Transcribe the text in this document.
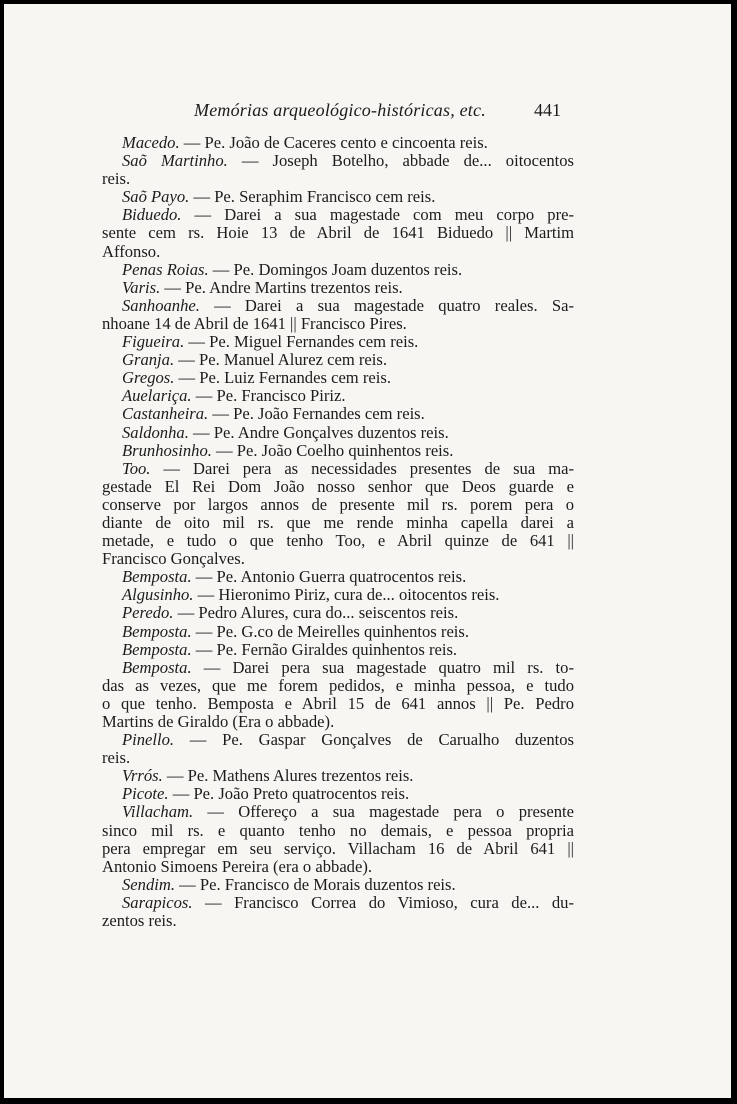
Memórias arqueológico-históricas, etc.	441
Macedo. — Pe. João de Caceres cento e cincoenta reis.
Saõ Martinho. — Joseph Botelho, abbade de... oitocentos
reis.
Saõ Payo. — Pe. Seraphim Francisco cem reis.
Biduedo. — Darei a sua magestade com meu corpo pre-
sente cem rs. Hoie 13 de Abril de 1641 Biduedo || Martim
Affonso.
Penas Roias. — Pe. Domingos Joam duzentos reis.
Varis. — Pe. Andre Martins trezentos reis.
Sanhoanhe. — Darei a sua magestade quatro reales. Sa-
nhoane 14 de Abril de 1641 || Francisco Pires.
Figueira. — Pe. Miguel Fernandes cem reis.
Granja. — Pe. Manuel Alurez cem reis.
Gregos. — Pe. Luiz Fernandes cem reis.
Auelariça. — Pe. Francisco Piriz.
Castanheira. — Pe. João Fernandes cem reis.
Saldonha. — Pe. Andre Gonçalves duzentos reis.
Brunhosinho. — Pe. João Coelho quinhentos reis.
Too. — Darei pera as necessidades presentes de sua ma-
gestade El Rei Dom João nosso senhor que Deos guarde e
conserve por largos annos de presente mil rs. porem pera o
diante de oito mil rs. que me rende minha capella darei a
metade, e tudo o que tenho Too, e Abril quinze de 641 ||
Francisco Gonçalves.
Bemposta. — Pe. Antonio Guerra quatrocentos reis.
Algusinho. — Hieronimo Piriz, cura de... oitocentos reis.
Peredo. — Pedro Alures, cura do... seiscentos reis.
Bemposta. — Pe. G.co de Meirelles quinhentos reis.
Bemposta. — Pe. Fernão Giraldes quinhentos reis.
Bemposta. — Darei pera sua magestade quatro mil rs. to-
das as vezes, que me forem pedidos, e minha pessoa, e tudo
o que tenho. Bemposta e Abril 15 de 641 annos || Pe. Pedro
Martins de Giraldo (Era o abbade).
Pinello. — Pe. Gaspar Gonçalves de Carualho duzentos
reis.
Vrrós. — Pe. Mathens Alures trezentos reis.
Picote. — Pe. João Preto quatrocentos reis.
Villacham. — Offereço a sua magestade pera o presente
sinco mil rs. e quanto tenho no demais, e pessoa propria
pera empregar em seu serviço. Villacham 16 de Abril 641 ||
Antonio Simoens Pereira (era o abbade).
Sendim. — Pe. Francisco de Morais duzentos reis.
Sarapicos. — Francisco Correa do Vimioso, cura de... du-
zentos reis.
